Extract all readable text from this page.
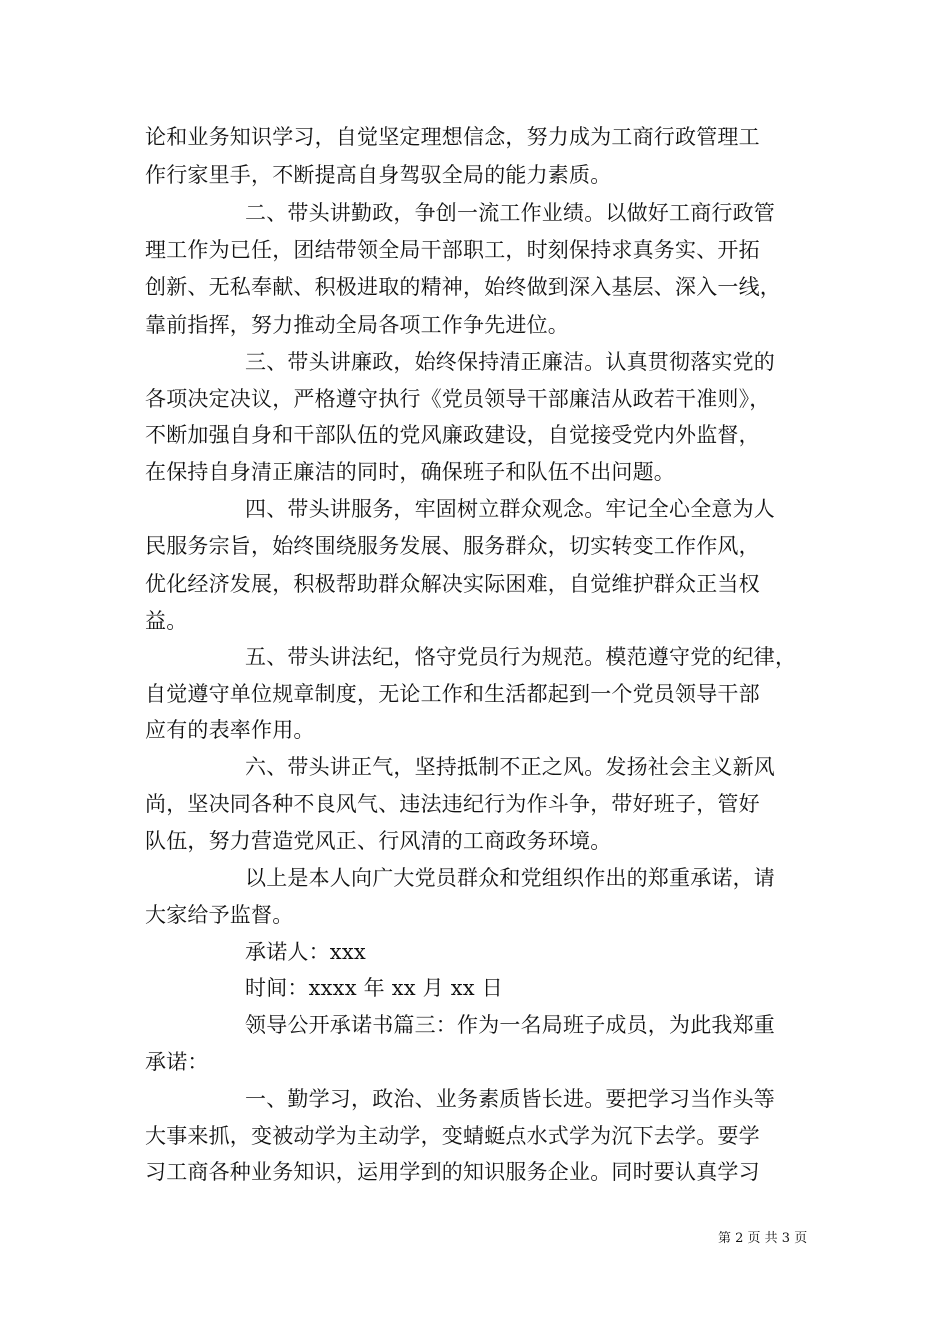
论和业务知识学习，自觉坚定理想信念，努力成为工商行政管理工
作行家里手，不断提高自身驾驭全局的能力素质。
二、带头讲勤政，争创一流工作业绩。以做好工商行政管
理工作为已任，团结带领全局干部职工，时刻保持求真务实、开拓
创新、无私奉献、积极进取的精神，始终做到深入基层、深入一线，
靠前指挥，努力推动全局各项工作争先进位。
三、带头讲廉政，始终保持清正廉洁。认真贯彻落实党的
各项决定决议，严格遵守执行《党员领导干部廉洁从政若干准则》，
不断加强自身和干部队伍的党风廉政建设，自觉接受党内外监督，
在保持自身清正廉洁的同时，确保班子和队伍不出问题。
四、带头讲服务，牢固树立群众观念。牢记全心全意为人
民服务宗旨，始终围绕服务发展、服务群众，切实转变工作作风，
优化经济发展，积极帮助群众解决实际困难，自觉维护群众正当权
益。
五、带头讲法纪，恪守党员行为规范。模范遵守党的纪律，
自觉遵守单位规章制度，无论工作和生活都起到一个党员领导干部
应有的表率作用。
六、带头讲正气，坚持抵制不正之风。发扬社会主义新风
尚，坚决同各种不良风气、违法违纪行为作斗争，带好班子，管好
队伍，努力营造党风正、行风清的工商政务环境。
以上是本人向广大党员群众和党组织作出的郑重承诺，请
大家给予监督。
承诺人：xxx
时间：xxxx 年 xx 月 xx 日
领导公开承诺书篇三：作为一名局班子成员，为此我郑重
承诺：
一、勤学习，政治、业务素质皆长进。要把学习当作头等
大事来抓，变被动学为主动学，变蜻蜓点水式学为沉下去学。要学
习工商各种业务知识，运用学到的知识服务企业。同时要认真学习
第 2 页 共 3 页
